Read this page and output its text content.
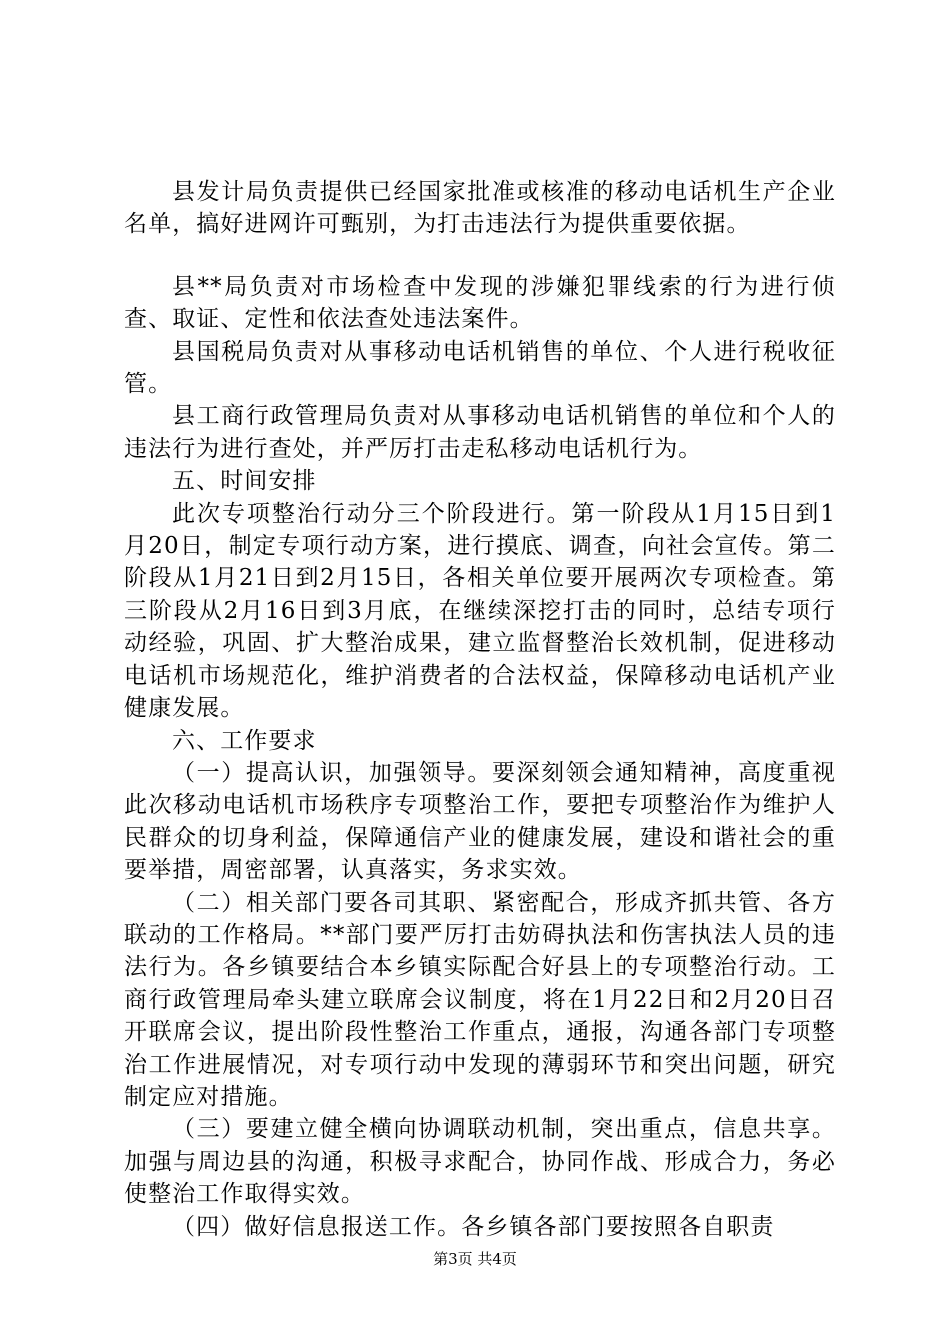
县发计局负责提供已经国家批准或核准的移动电话机生产企业名单，搞好进网许可甄别，为打击违法行为提供重要依据。

县**局负责对市场检查中发现的涉嫌犯罪线索的行为进行侦查、取证、定性和依法查处违法案件。

县国税局负责对从事移动电话机销售的单位、个人进行税收征管。

县工商行政管理局负责对从事移动电话机销售的单位和个人的违法行为进行查处，并严厉打击走私移动电话机行为。

五、时间安排

此次专项整治行动分三个阶段进行。第一阶段从1月15日到1月20日，制定专项行动方案，进行摸底、调查，向社会宣传。第二阶段从1月21日到2月15日，各相关单位要开展两次专项检查。第三阶段从2月16日到3月底，在继续深挖打击的同时，总结专项行动经验，巩固、扩大整治成果，建立监督整治长效机制，促进移动电话机市场规范化，维护消费者的合法权益，保障移动电话机产业健康发展。

六、工作要求

（一）提高认识，加强领导。要深刻领会通知精神，高度重视此次移动电话机市场秩序专项整治工作，要把专项整治作为维护人民群众的切身利益，保障通信产业的健康发展，建设和谐社会的重要举措，周密部署，认真落实，务求实效。

（二）相关部门要各司其职、紧密配合，形成齐抓共管、各方联动的工作格局。**部门要严厉打击妨碍执法和伤害执法人员的违法行为。各乡镇要结合本乡镇实际配合好县上的专项整治行动。工商行政管理局牵头建立联席会议制度，将在1月22日和2月20日召开联席会议，提出阶段性整治工作重点，通报，沟通各部门专项整治工作进展情况，对专项行动中发现的薄弱环节和突出问题，研究制定应对措施。

（三）要建立健全横向协调联动机制，突出重点，信息共享。加强与周边县的沟通，积极寻求配合，协同作战、形成合力，务必使整治工作取得实效。

（四）做好信息报送工作。各乡镇各部门要按照各自职责

第3页 共4页
